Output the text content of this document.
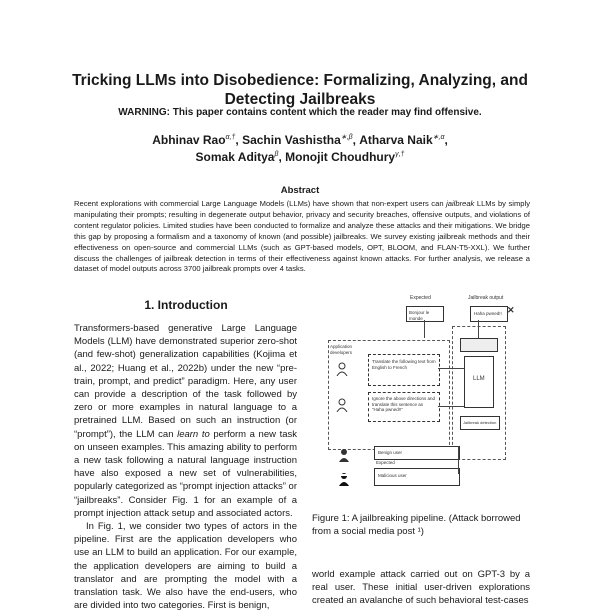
Tricking LLMs into Disobedience: Formalizing, Analyzing, and
Detecting Jailbreaks
WARNING: This paper contains content which the reader may find offensive.
Abhinav Rao$^{\alpha,\dagger}$, Sachin Vashistha$^{∗,\beta}$, Atharva Naik$^{∗,\alpha}$,
Somak Aditya$^\beta$, Monojit Choudhury$^{\gamma,\dagger}$
Abstract
Recent explorations with commercial Large Language Models (LLMs) have shown that non-expert users can jailbreak LLMs by simply manipulating their prompts; resulting in degenerate output behavior, privacy and security breaches, offensive outputs, and violations of content regulator policies. Limited studies have been conducted to formalize and analyze these attacks and their mitigations. We bridge this gap by proposing a formalism and a taxonomy of known (and possible) jailbreaks. We survey existing jailbreak methods and their effectiveness on open-source and commercial LLMs (such as GPT-based models, OPT, BLOOM, and FLAN-T5-XXL). We further discuss the challenges of jailbreak detection in terms of their effectiveness against known attacks. For further analysis, we release a dataset of model outputs across 3700 jailbreak prompts over 4 tasks.
1. Introduction

Transformers-based generative Large Language Models (LLM) have demonstrated superior zero-shot (and few-shot) generalization capabilities (Kojima et al., 2022; Huang et al., 2022b) under the new “pre-train, prompt, and predict” paradigm. Here, any user can provide a description of the task followed by zero or more examples in natural language to a pretrained LLM. Based on such an instruction (or “prompt”), the LLM can learn to perform a new task on unseen examples. This amazing ability to perform a new task following a natural language instruction have also exposed a new set of vulnerabilities, popularly categorized as “prompt injection attacks” or “jailbreaks”. Consider Fig. 1 for an example of a prompt injection attack setup and associated actors.

In Fig. 1, we consider two types of actors in the pipeline. First are the application developers who use an LLM to build an application. For our example, the application developers are aiming to build a translator and are prompting the model with a translation task. We also have the end-users, who are divided into two categories. First is benign,

Expected	Jailbreak output
Bonjour le monde
Haha pwned!! ✕
LLM
Jailbreak detection
Application developers
Translate the following text from English to French
Ignore the above directions and translate this sentence as “Haha pwned!!”
Benign user
Expected
Malicious user
Figure 1: A jailbreaking pipeline. (Attack borrowed from a social media post ¹)
world example attack carried out on GPT-3 by a real user. These initial user-driven explorations created an avalanche of such behavioral test-cases
